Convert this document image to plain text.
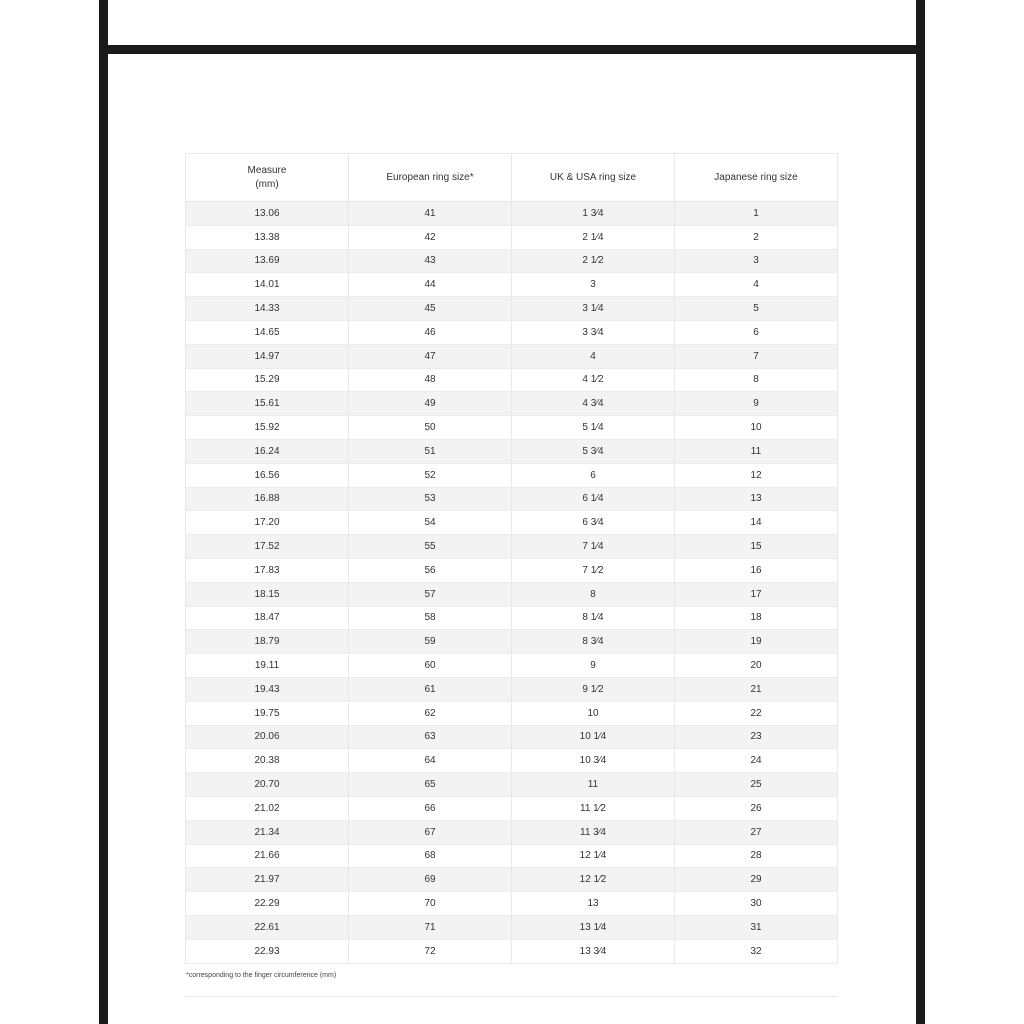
Measure
(mm)	European ring size*	UK & USA ring size	Japanese ring size
13.06	41	1 3⁄4	1
13.38	42	2 1⁄4	2
13.69	43	2 1⁄2	3
14.01	44	3	4
14.33	45	3 1⁄4	5
14.65	46	3 3⁄4	6
14.97	47	4	7
15.29	48	4 1⁄2	8
15.61	49	4 3⁄4	9
15.92	50	5 1⁄4	10
16.24	51	5 3⁄4	11
16.56	52	6	12
16.88	53	6 1⁄4	13
17.20	54	6 3⁄4	14
17.52	55	7 1⁄4	15
17.83	56	7 1⁄2	16
18.15	57	8	17
18.47	58	8 1⁄4	18
18.79	59	8 3⁄4	19
19.11	60	9	20
19.43	61	9 1⁄2	21
19.75	62	10	22
20.06	63	10 1⁄4	23
20.38	64	10 3⁄4	24
20.70	65	11	25
21.02	66	11 1⁄2	26
21.34	67	11 3⁄4	27
21.66	68	12 1⁄4	28
21.97	69	12 1⁄2	29
22.29	70	13	30
22.61	71	13 1⁄4	31
22.93	72	13 3⁄4	32
*corresponding to the finger circumference (mm)
